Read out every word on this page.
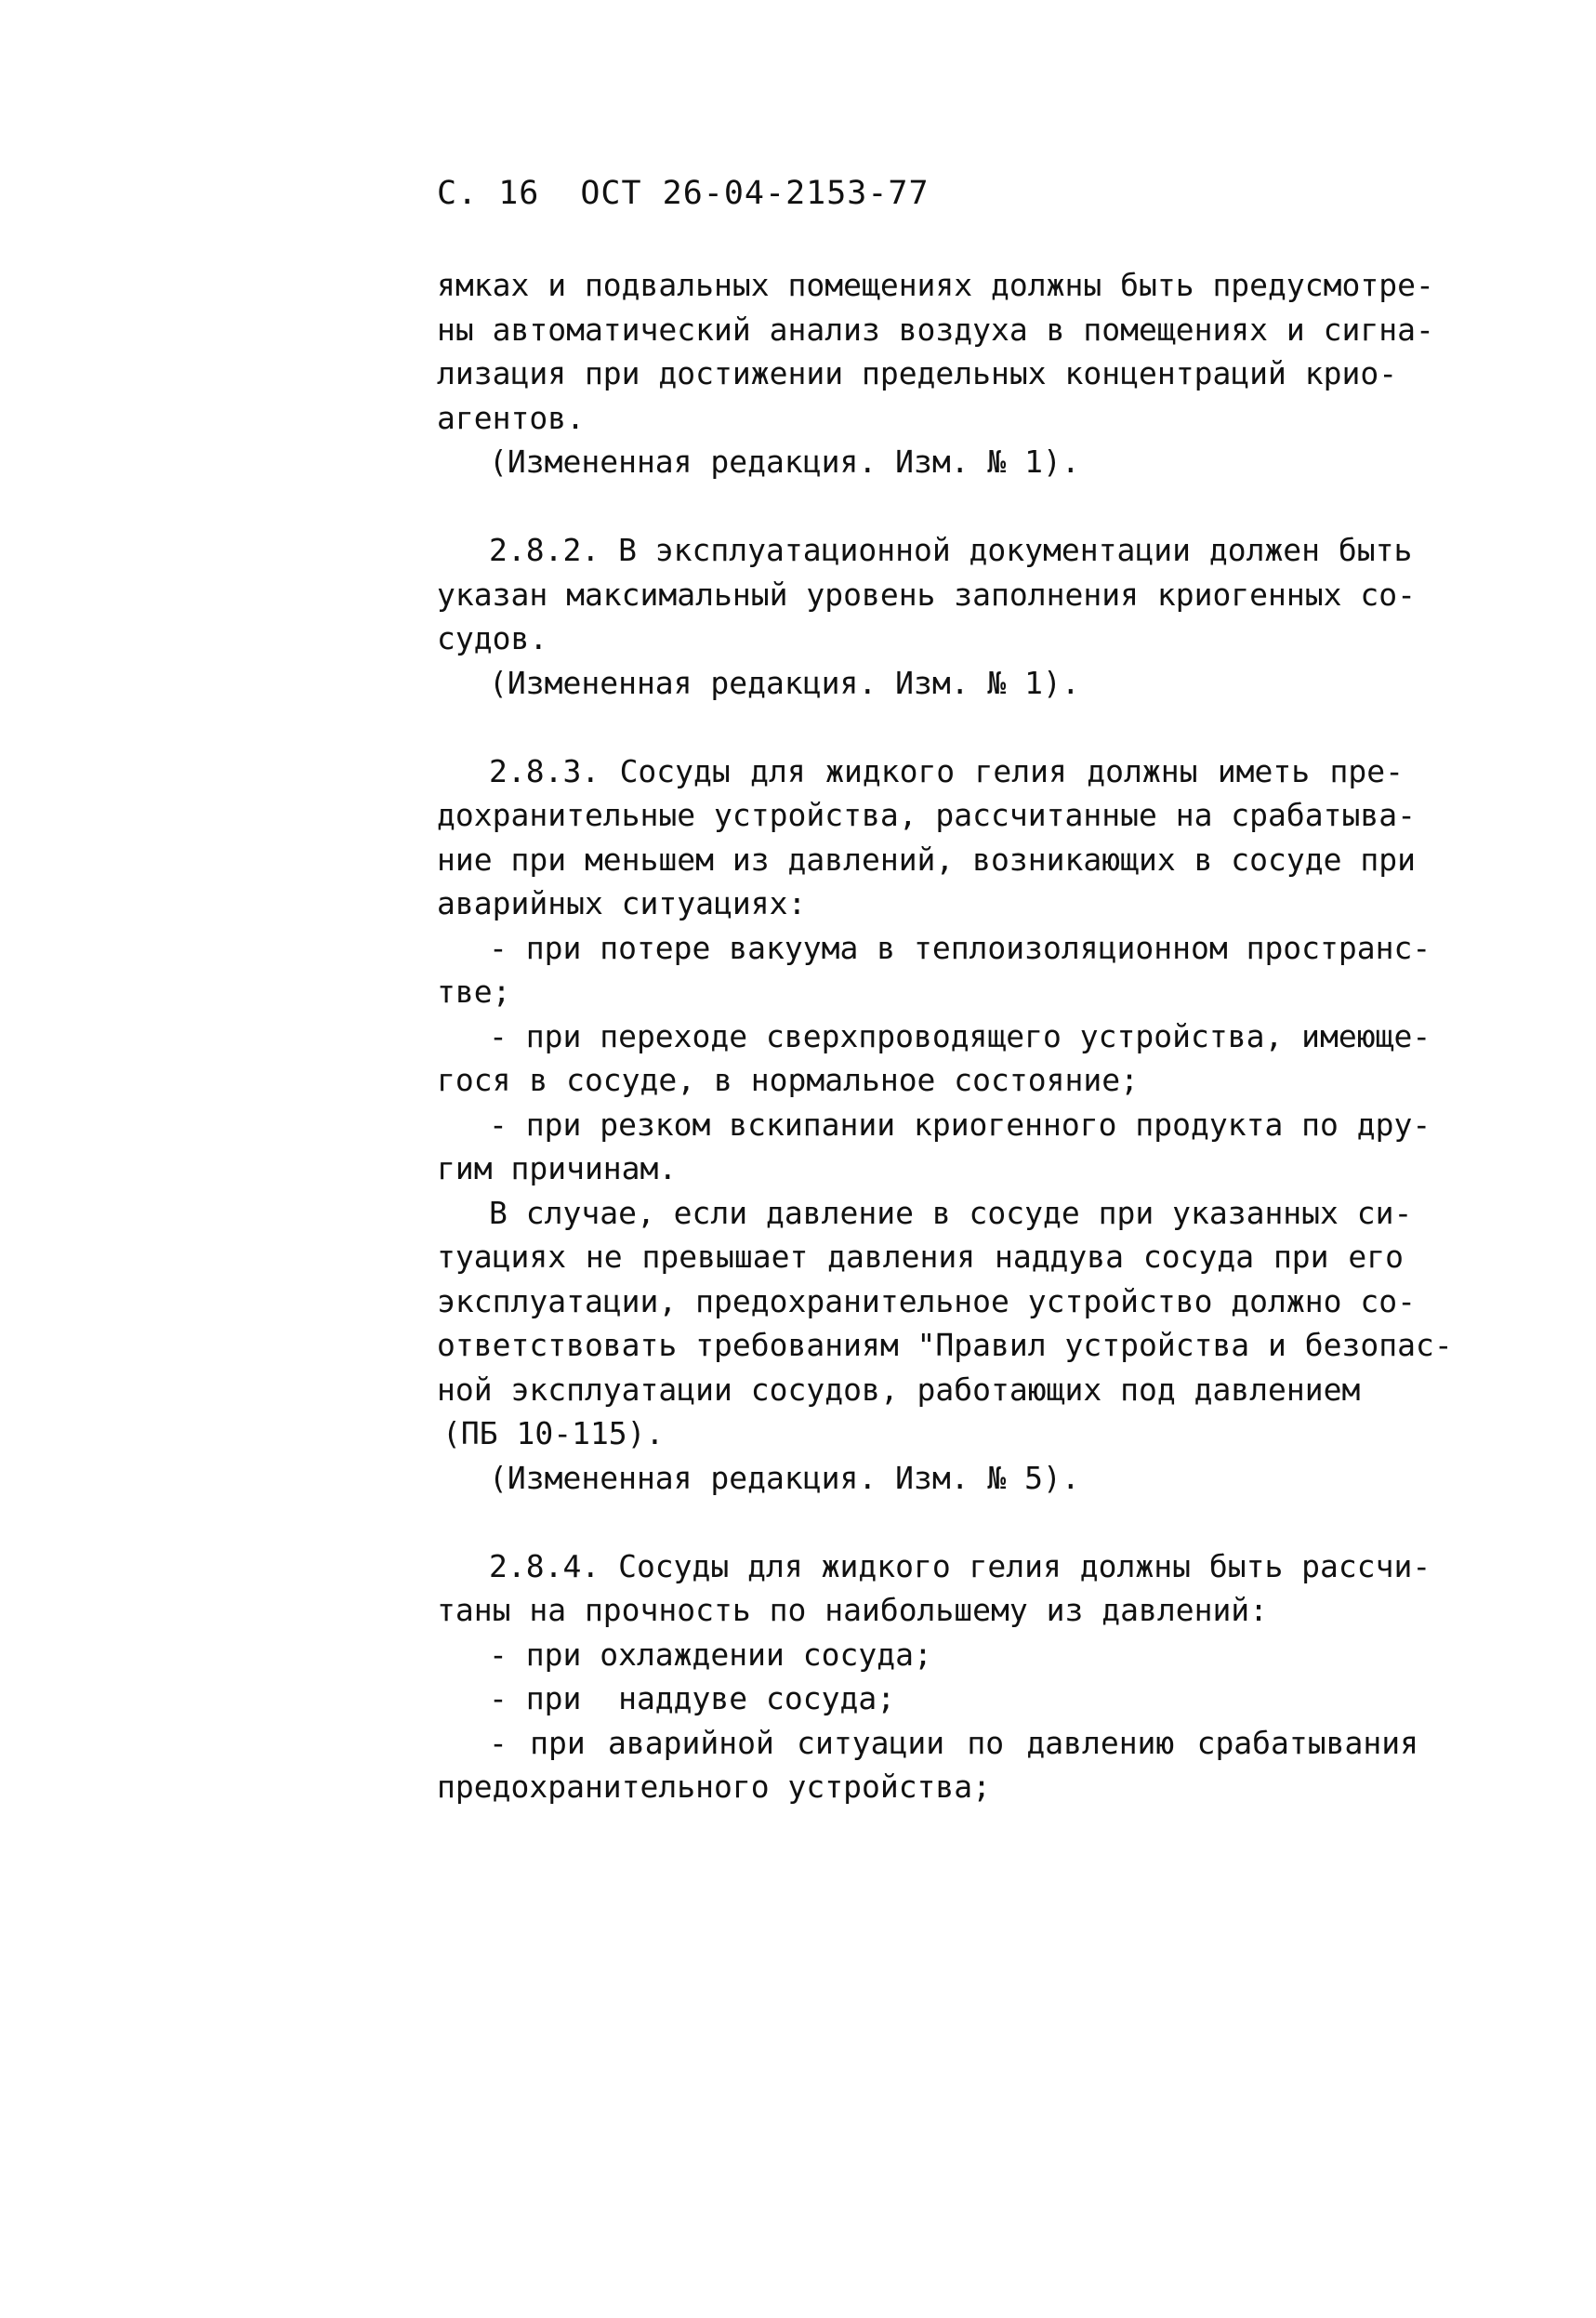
С. 16 ОСТ 26-04-2153-77
ямках и подвальных помещениях должны быть предусмотре-
ны автоматический анализ воздуха в помещениях и сигна-
лизация при достижении предельных концентраций крио-
агентов.
(Измененная редакция. Изм. № 1).
2.8.2. В эксплуатационной документации должен быть
указан максимальный уровень заполнения криогенных со-
судов.
(Измененная редакция. Изм. № 1).
2.8.3. Сосуды для жидкого гелия должны иметь пре-
дохранительные устройства, рассчитанные на срабатыва-
ние при меньшем из давлений, возникающих в сосуде при
аварийных ситуациях:
- при потере вакуума в теплоизоляционном пространс-
тве;
- при переходе сверхпроводящего устройства, имеюще-
гося в сосуде, в нормальное состояние;
- при резком вскипании криогенного продукта по дру-
гим причинам.
В случае, если давление в сосуде при указанных си-
туациях не превышает давления наддува сосуда при его
эксплуатации, предохранительное устройство должно со-
ответствовать требованиям "Правил устройства и безопас-
ной эксплуатации сосудов, работающих под давлением
(ПБ 10-115).
(Измененная редакция. Изм. № 5).
2.8.4. Сосуды для жидкого гелия должны быть рассчи-
таны на прочность по наибольшему из давлений:
- при охлаждении сосуда;
- при  наддуве сосуда;
- при аварийной ситуации по давлению срабатывания
предохранительного устройства;
